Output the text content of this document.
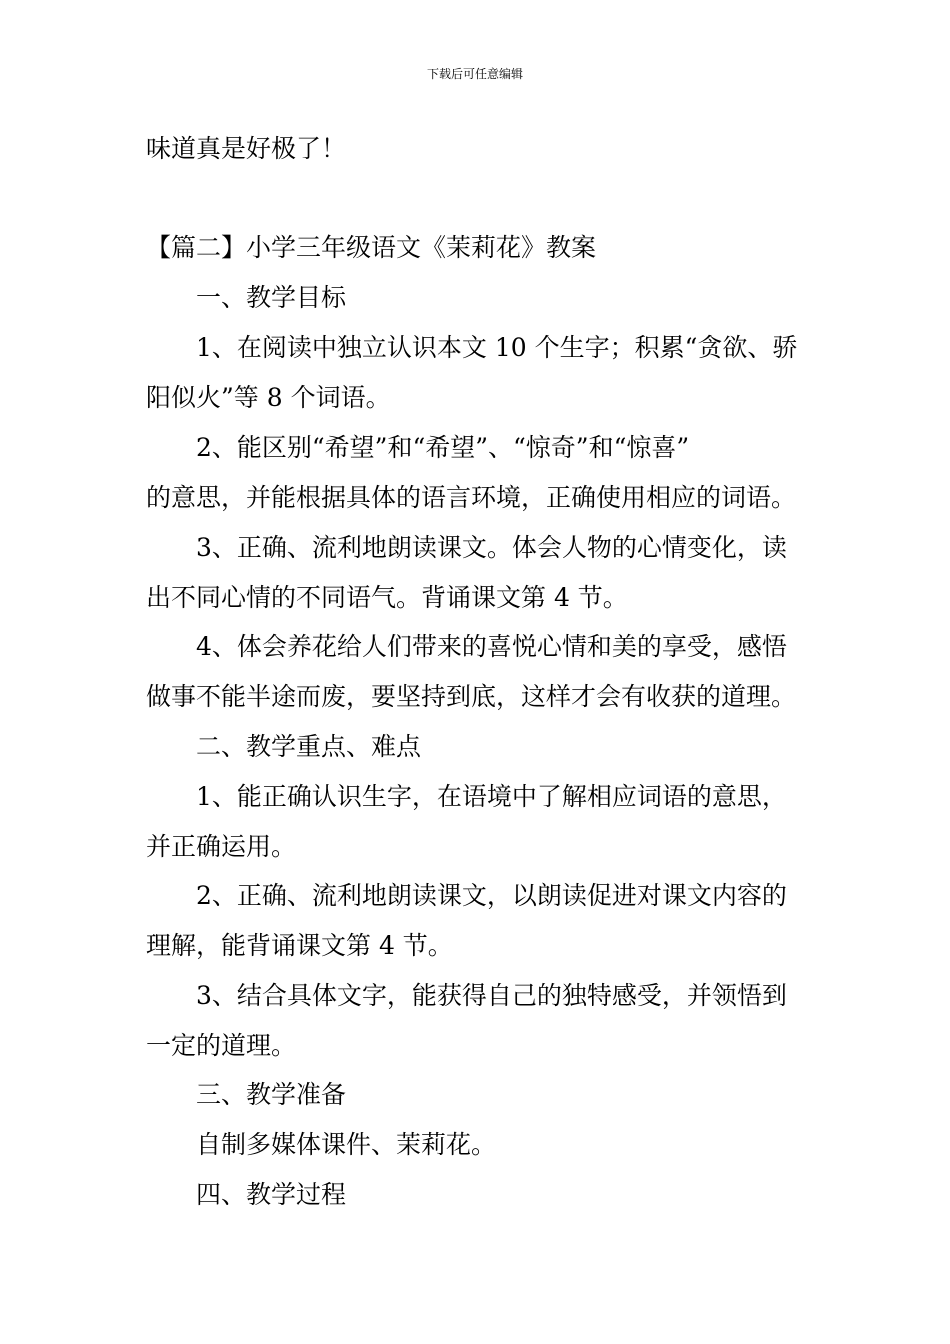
下载后可任意编辑
味道真是好极了！
【篇二】小学三年级语文《茉莉花》教案
一、教学目标
1、在阅读中独立认识本文 10 个生字；积累“贪欲、骄
阳似火”等 8 个词语。
2、能区别“希望”和“希望”、“惊奇”和“惊喜”
的意思，并能根据具体的语言环境，正确使用相应的词语。
3、正确、流利地朗读课文。体会人物的心情变化，读
出不同心情的不同语气。背诵课文第 4 节。
4、体会养花给人们带来的喜悦心情和美的享受，感悟
做事不能半途而废，要坚持到底，这样才会有收获的道理。
二、教学重点、难点
1、能正确认识生字，在语境中了解相应词语的意思，
并正确运用。
2、正确、流利地朗读课文，以朗读促进对课文内容的
理解，能背诵课文第 4 节。
3、结合具体文字，能获得自己的独特感受，并领悟到
一定的道理。
三、教学准备
自制多媒体课件、茉莉花。
四、教学过程
